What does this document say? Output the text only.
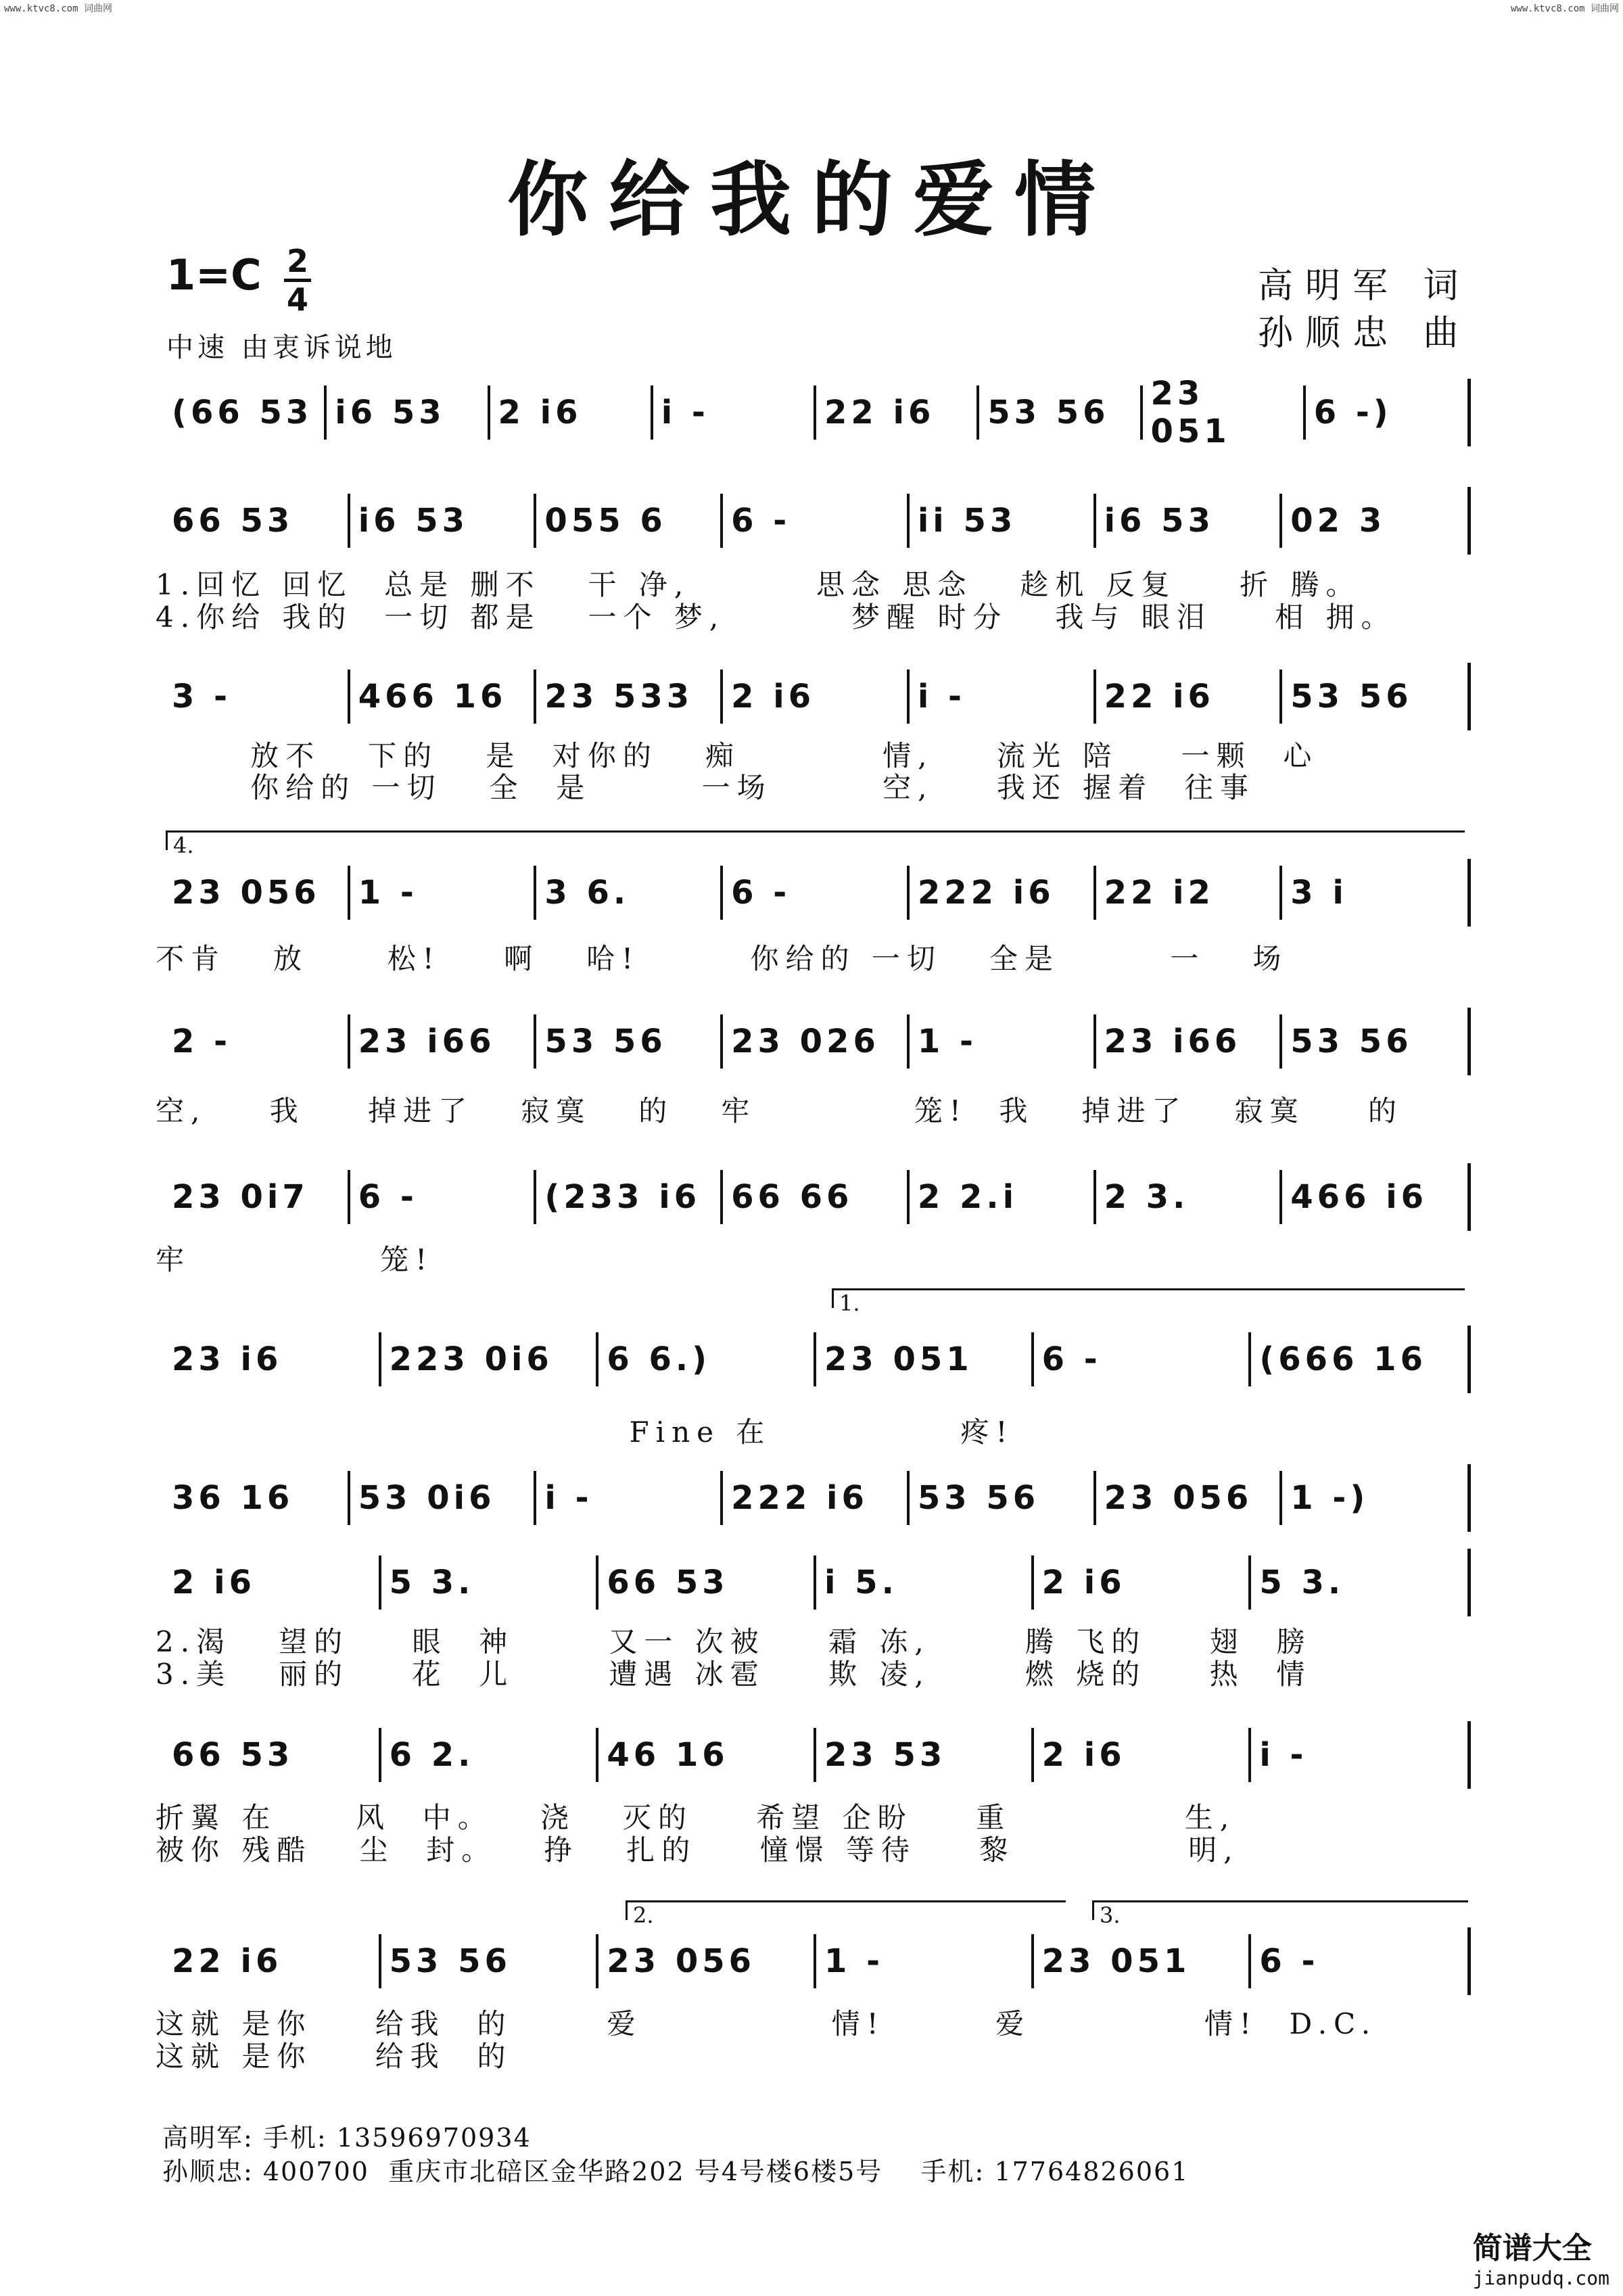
www.ktvc8.com 词曲网	www.ktvc8.com 词曲网
你给我的爱情
1=C 2
4
中速 由衷诉说地
高明军 词
孙顺忠 曲
(66 53 i6 53	2 i6	i -	22 i6	53 56	23 051	6 -)
66 53	i6 53	055 6	6 -	ii 53	i6 53	02 3
3 -	466 16	23 533	2 i6	i -	22 i6	53 56
23 056	1 -	3 6.	6 -	222 i6	22 i2	3 i
2 -	23 i66	53 56	23 026	1 -	23 i66	53 56
23 0i7	6 -	(233 i6 66 66	2 2.i	2 3.	466 i6
23 i6	223 0i6	6 6.)	23 051	6 -	(666 16
36 16	53 0i6	i -	222 i6	53 56	23 056	1 -)
2 i6	5 3.	66 53	i 5.	2 i6	5 3.
66 53	6 2.	46 16	23 53	2 i6	i -
22 i6	53 56	23 056	1 -	23 051	6 -
1.回忆 回忆  总是 删不   干 净,        思念 思念   趁机 反复    折 腾。
4.你给 我的  一切 都是   一个 梦,        梦醒 时分   我与 眼泪    相 拥。
放不   下的   是  对你的   痴         情,    流光 陪    一颗  心
你给的 一切   全  是       一场       空,    我还 握着  往事
不肯   放     松!    啊   哈!       你给的 一切   全是       一   场
空,    我    掉进了   寂寞   的   牢          笼!  我   掉进了   寂寞    的
牢            笼!
Fine 在            疼!
2.渴   望的    眼  神      又一 次被    霜 冻,      腾 飞的    翅  膀
3.美   丽的    花  儿      遭遇 冰雹    欺 凌,      燃 烧的    热  情
折翼 在     风  中。   浇   灭的    希望 企盼    重           生,
被你 残酷   尘  封。   挣   扎的    憧憬 等待    黎           明,
这就 是你    给我  的      爱            情!       爱           情!  D.C.
这就 是你    给我  的
4.
1.
2.	3.
高明军: 手机: 13596970934
孙顺忠: 400700  重庆市北碚区金华路202 号4号楼6楼5号    手机: 17764826061
简谱大全
jianpudq.com
